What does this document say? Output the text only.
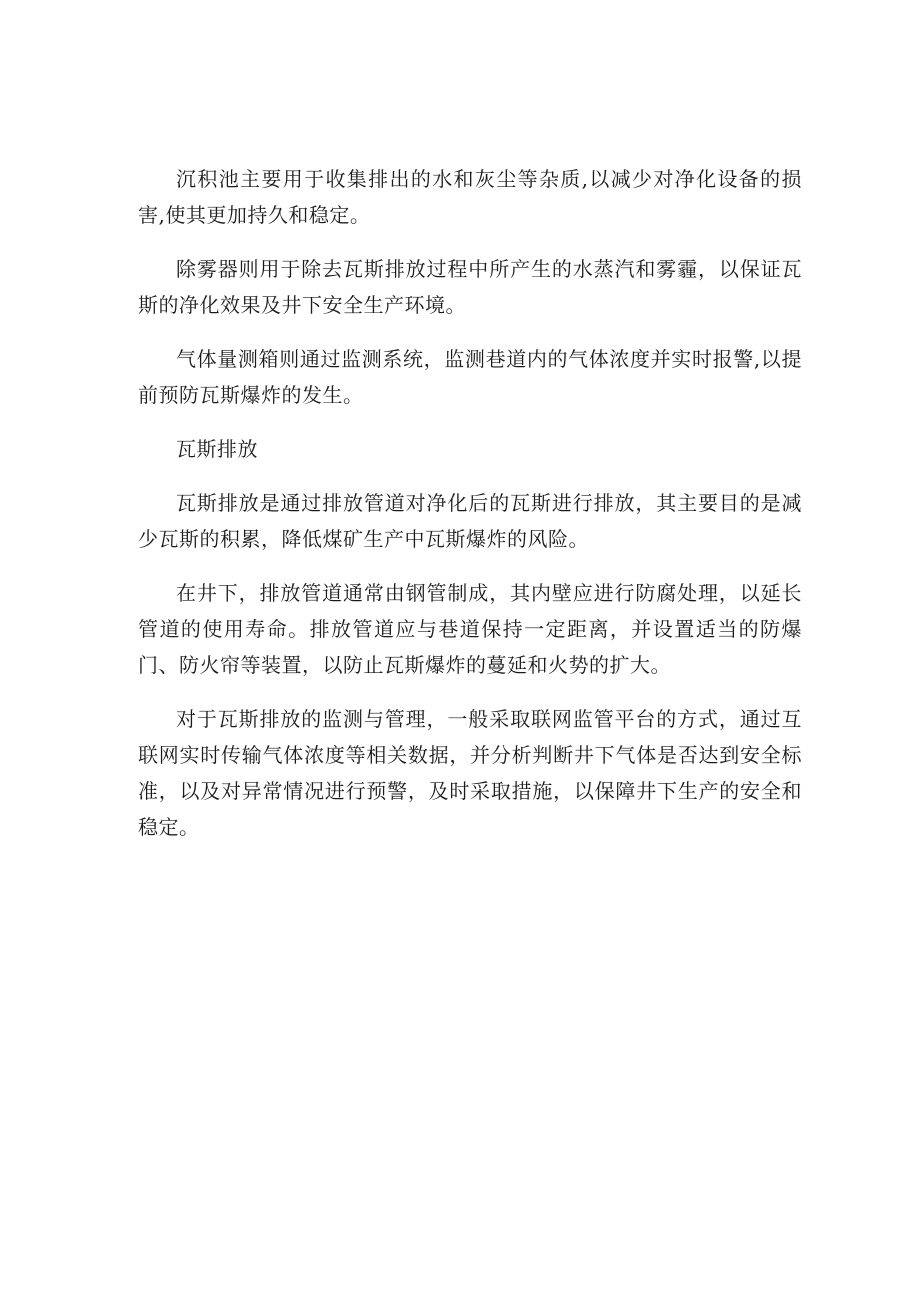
沉积池主要用于收集排出的水和灰尘等杂质,以减少对净化设备的损害,使其更加持久和稳定。

除雾器则用于除去瓦斯排放过程中所产生的水蒸汽和雾霾，以保证瓦斯的净化效果及井下安全生产环境。

气体量测箱则通过监测系统，监测巷道内的气体浓度并实时报警,以提前预防瓦斯爆炸的发生。

瓦斯排放

瓦斯排放是通过排放管道对净化后的瓦斯进行排放，其主要目的是减少瓦斯的积累，降低煤矿生产中瓦斯爆炸的风险。

在井下，排放管道通常由钢管制成，其内壁应进行防腐处理，以延长管道的使用寿命。排放管道应与巷道保持一定距离，并设置适当的防爆门、防火帘等装置，以防止瓦斯爆炸的蔓延和火势的扩大。

对于瓦斯排放的监测与管理，一般采取联网监管平台的方式，通过互联网实时传输气体浓度等相关数据，并分析判断井下气体是否达到安全标准，以及对异常情况进行预警，及时采取措施，以保障井下生产的安全和稳定。
